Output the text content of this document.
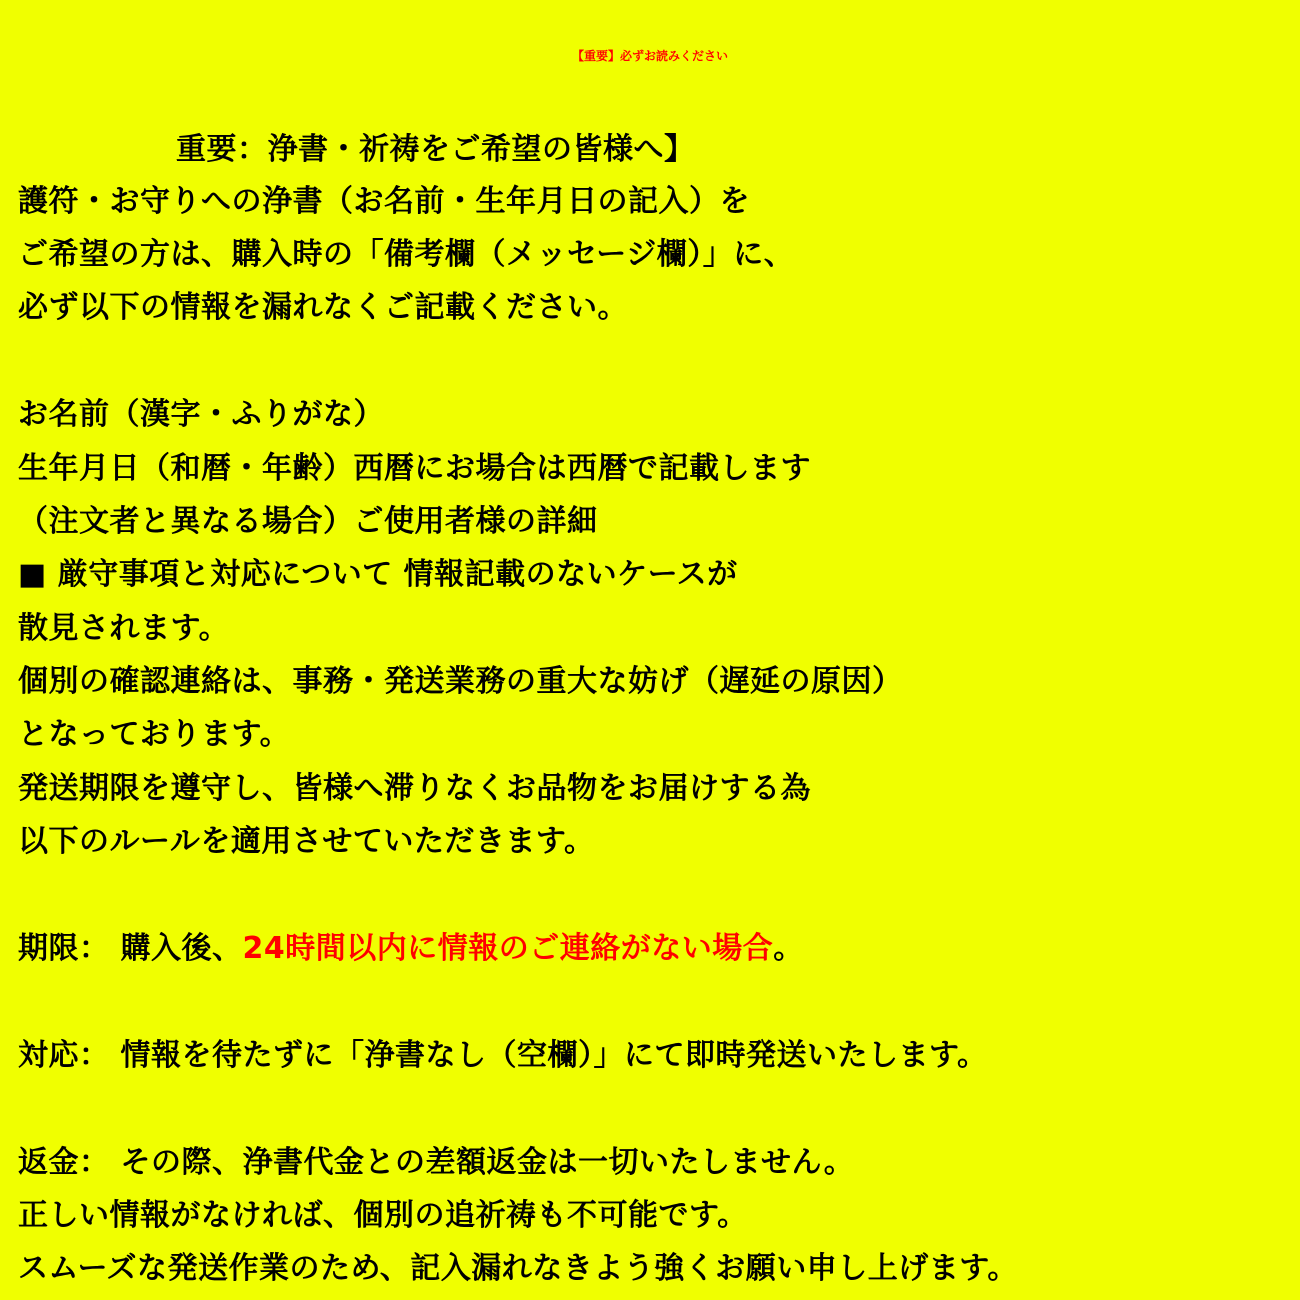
【重要】必ずお読みください
重要：浄書・祈祷をご希望の皆様へ】
護符・お守りへの浄書（お名前・生年月日の記入）を
ご希望の方は、購入時の「備考欄（メッセージ欄）」に、
必ず以下の情報を漏れなくご記載ください。
お名前（漢字・ふりがな）
生年月日（和暦・年齢）西暦にお場合は西暦で記載します
（注文者と異なる場合）ご使用者様の詳細
■ 厳守事項と対応について 情報記載のないケースが
散見されます。
個別の確認連絡は、事務・発送業務の重大な妨げ（遅延の原因）
となっております。
発送期限を遵守し、皆様へ滞りなくお品物をお届けする為
以下のルールを適用させていただきます。
期限： 購入後、24時間以内に情報のご連絡がない場合。
対応： 情報を待たずに「浄書なし（空欄）」にて即時発送いたします。
返金： その際、浄書代金との差額返金は一切いたしません。
正しい情報がなければ、個別の追祈祷も不可能です。
スムーズな発送作業のため、記入漏れなきよう強くお願い申し上げます。
